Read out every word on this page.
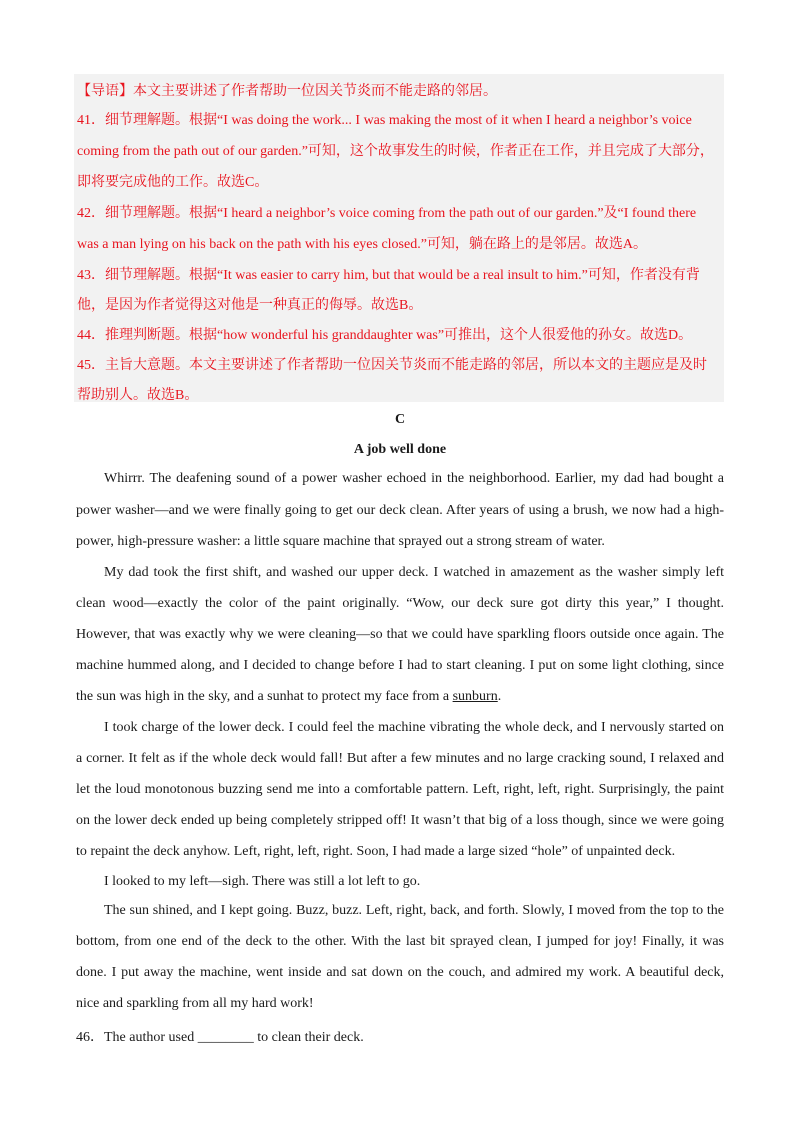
【导语】本文主要讲述了作者帮助一位因关节炎而不能走路的邻居。
41．细节理解题。根据“I was doing the work... I was making the most of it when I heard a neighbor’s voice
coming from the path out of our garden.”可知，这个故事发生的时候，作者正在工作，并且完成了大部分，
即将要完成他的工作。故选C。
42．细节理解题。根据“I heard a neighbor’s voice coming from the path out of our garden.”及“I found there
was a man lying on his back on the path with his eyes closed.”可知，躺在路上的是邻居。故选A。
43．细节理解题。根据“It was easier to carry him, but that would be a real insult to him.”可知，作者没有背
他，是因为作者觉得这对他是一种真正的侮辱。故选B。
44．推理判断题。根据“how wonderful his granddaughter was”可推出，这个人很爱他的孙女。故选D。
45．主旨大意题。本文主要讲述了作者帮助一位因关节炎而不能走路的邻居，所以本文的主题应是及时
帮助别人。故选B。
C
A job well done
Whirrr. The deafening sound of a power washer echoed in the neighborhood. Earlier, my dad had bought a
power washer—and we were finally going to get our deck clean. After years of using a brush, we now had a high-
power, high-pressure washer: a little square machine that sprayed out a strong stream of water.
My dad took the first shift, and washed our upper deck. I watched in amazement as the washer simply left
clean wood—exactly the color of the paint originally. “Wow, our deck sure got dirty this year,” I thought.
However, that was exactly why we were cleaning—so that we could have sparkling floors outside once again. The
machine hummed along, and I decided to change before I had to start cleaning. I put on some light clothing, since
the sun was high in the sky, and a sunhat to protect my face from a sunburn.
I took charge of the lower deck. I could feel the machine vibrating the whole deck, and I nervously started on
a corner. It felt as if the whole deck would fall! But after a few minutes and no large cracking sound, I relaxed and
let the loud monotonous buzzing send me into a comfortable pattern. Left, right, left, right. Surprisingly, the paint
on the lower deck ended up being completely stripped off! It wasn’t that big of a loss though, since we were going
to repaint the deck anyhow. Left, right, left, right. Soon, I had made a large sized “hole” of unpainted deck.
I looked to my left—sigh. There was still a lot left to go.
The sun shined, and I kept going. Buzz, buzz. Left, right, back, and forth. Slowly, I moved from the top to the
bottom, from one end of the deck to the other. With the last bit sprayed clean, I jumped for joy! Finally, it was
done. I put away the machine, went inside and sat down on the couch, and admired my work. A beautiful deck,
nice and sparkling from all my hard work!
46．The author used ________ to clean their deck.
